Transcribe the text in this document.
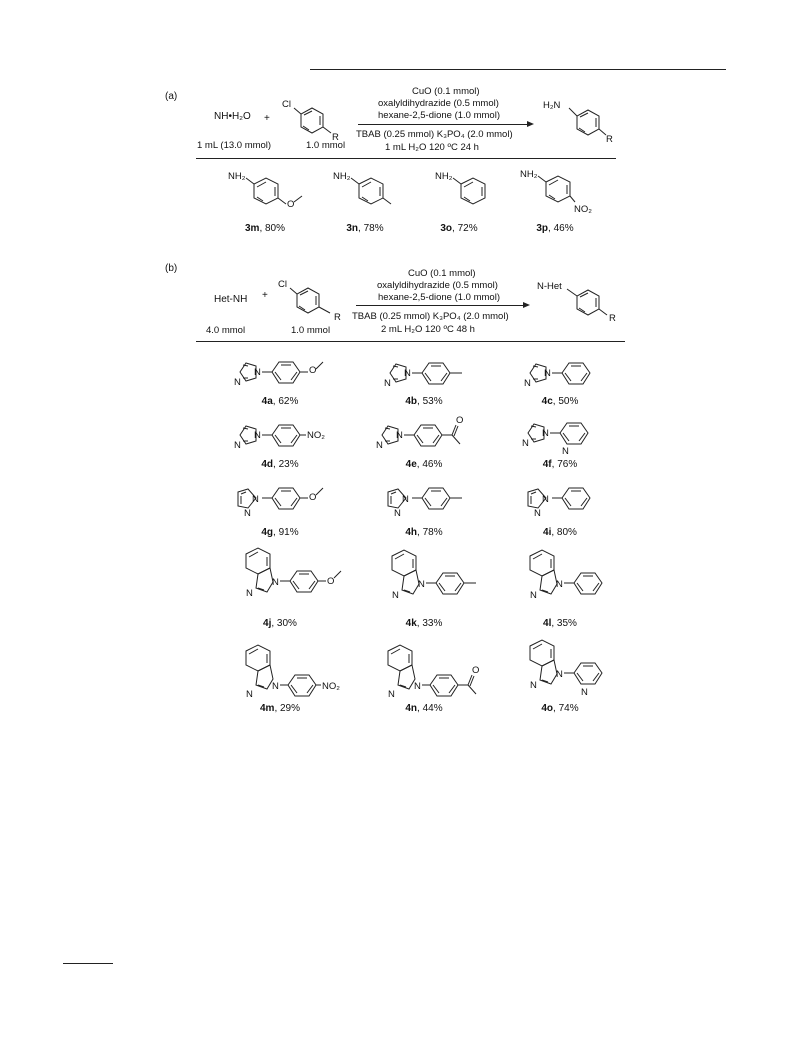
(a)
NH•H₂O +
Cl
R
1 mL (13.0 mmol)	1.0 mmol
CuO (0.1 mmol)
oxalyldihydrazide (0.5 mmol)
hexane-2,5-dione (1.0 mmol)
TBAB (0.25 mmol) K₃PO₄ (2.0 mmol)
1 mL H₂O 120 ºC 24 h
H₂N
R
NH₂
O
NH₂	NH₂	NH₂
NO₂
3m, 80%	3n, 78%	3o, 72%	3p, 46%
(b)
Het-NH +
Cl
R
4.0 mmol	1.0 mmol
CuO (0.1 mmol)
oxalyldihydrazide (0.5 mmol)
hexane-2,5-dione (1.0 mmol)
TBAB (0.25 mmol) K₃PO₄ (2.0 mmol)
2 mL H₂O 120 ºC 48 h
N-Het
R
N
N
O	N
N
N
N
N
N
NO₂	N
N
O
N
N
N
N
N
O	N
N
N
N
N
N
O	N
N
N
N
N
N
NO₂	N
N
O	N
N
N
4a, 62%	4b, 53%	4c, 50%
4d, 23%	4e, 46%	4f, 76%
4g, 91%	4h, 78%	4i, 80%
4j, 30%	4k, 33%	4l, 35%
4m, 29%	4n, 44%	4o, 74%
